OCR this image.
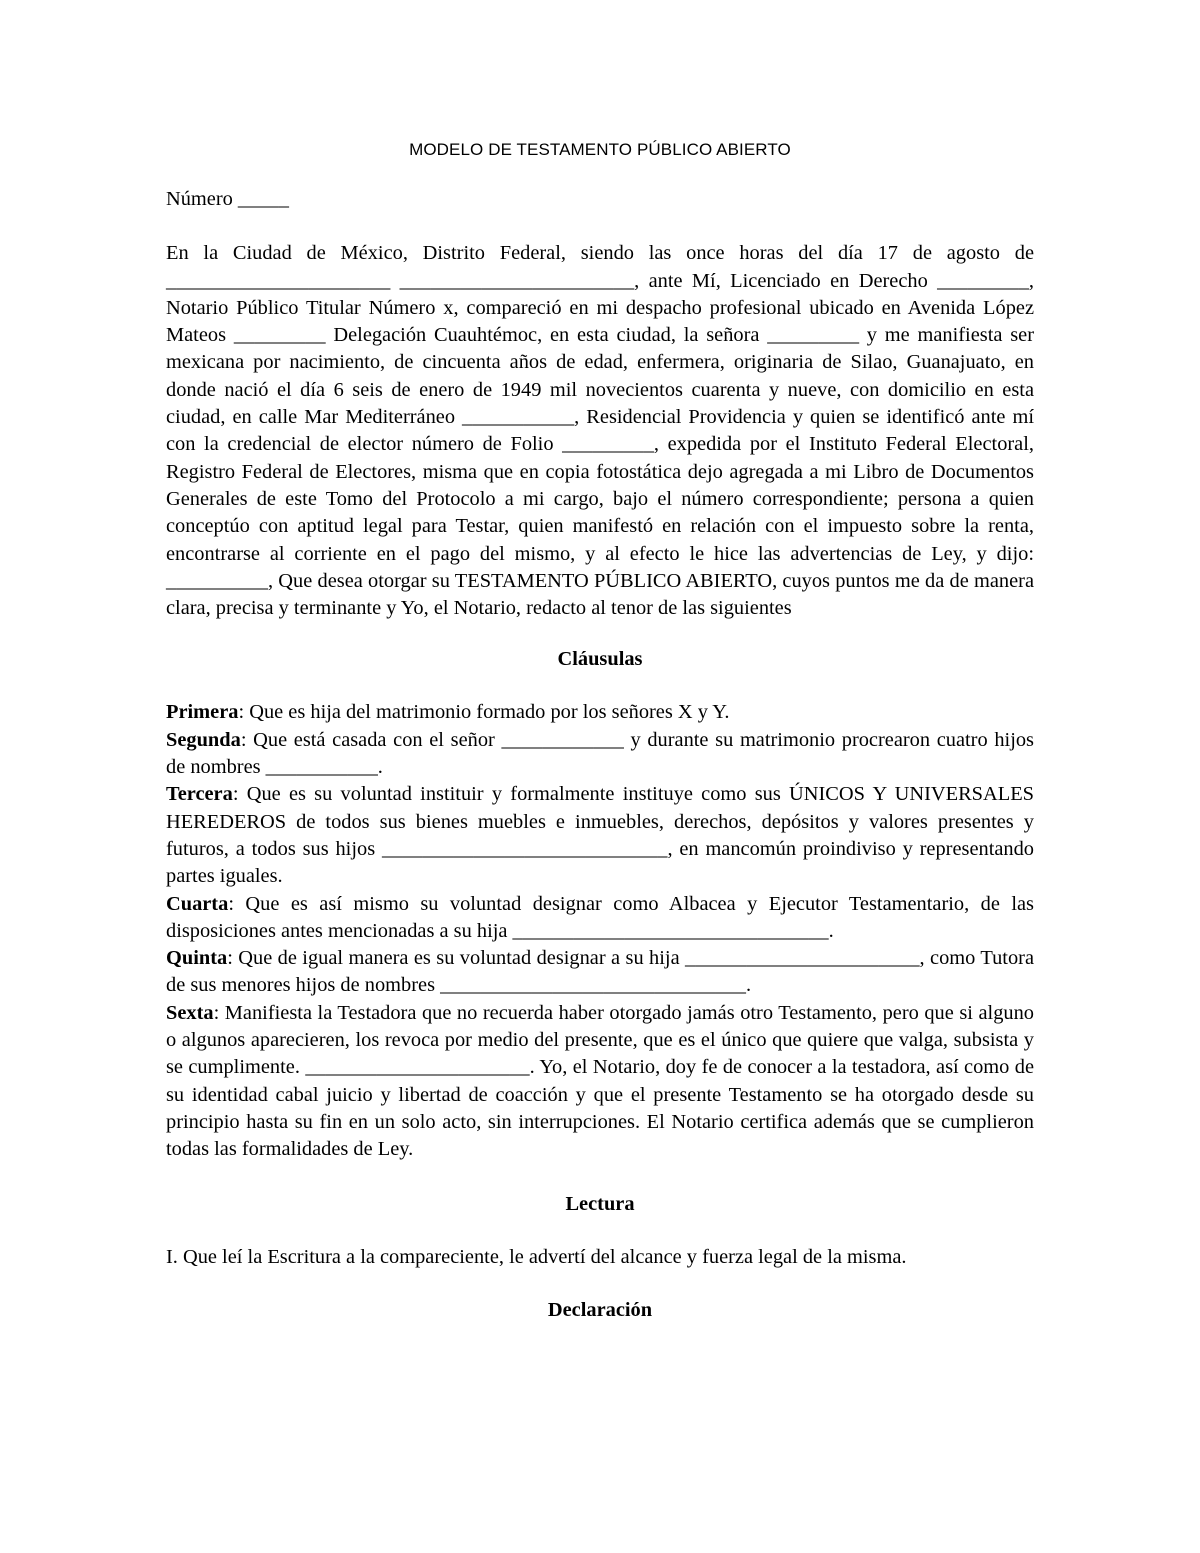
MODELO DE TESTAMENTO PÚBLICO ABIERTO

Número _____
En la Ciudad de México, Distrito Federal, siendo las once horas del día 17 de agosto de ______________________ _______________________, ante Mí, Licenciado en Derecho _________, Notario Público Titular Número x, compareció en mi despacho profesional ubicado en Avenida López Mateos _________ Delegación Cuauhtémoc, en esta ciudad, la señora _________ y me manifiesta ser mexicana por nacimiento, de cincuenta años de edad, enfermera, originaria de Silao, Guanajuato, en donde nació el día 6 seis de enero de 1949 mil novecientos cuarenta y nueve, con domicilio en esta ciudad, en calle Mar Mediterráneo ___________, Residencial Providencia y quien se identificó ante mí con la credencial de elector número de Folio _________, expedida por el Instituto Federal Electoral, Registro Federal de Electores, misma que en copia fotostática dejo agregada a mi Libro de Documentos Generales de este Tomo del Protocolo a mi cargo, bajo el número correspondiente; persona a quien conceptúo con aptitud legal para Testar, quien manifestó en relación con el impuesto sobre la renta, encontrarse al corriente en el pago del mismo, y al efecto le hice las advertencias de Ley, y dijo: __________, Que desea otorgar su TESTAMENTO PÚBLICO ABIERTO, cuyos puntos me da de manera clara, precisa y terminante y Yo, el Notario, redacto al tenor de las siguientes

Cláusulas

Primera: Que es hija del matrimonio formado por los señores X y Y.
Segunda: Que está casada con el señor ____________ y durante su matrimonio procrearon cuatro hijos de nombres ___________.
Tercera: Que es su voluntad instituir y formalmente instituye como sus ÚNICOS Y UNIVERSALES HEREDEROS de todos sus bienes muebles e inmuebles, derechos, depósitos y valores presentes y futuros, a todos sus hijos ____________________________, en mancomún proindiviso y representando partes iguales.
Cuarta: Que es así mismo su voluntad designar como Albacea y Ejecutor Testamentario, de las disposiciones antes mencionadas a su hija _______________________________.
Quinta: Que de igual manera es su voluntad designar a su hija _______________________, como Tutora de sus menores hijos de nombres ______________________________.
Sexta: Manifiesta la Testadora que no recuerda haber otorgado jamás otro Testamento, pero que si alguno o algunos aparecieren, los revoca por medio del presente, que es el único que quiere que valga, subsista y se cumplimente. ______________________. Yo, el Notario, doy fe de conocer a la testadora, así como de su identidad cabal juicio y libertad de coacción y que el presente Testamento se ha otorgado desde su principio hasta su fin en un solo acto, sin interrupciones. El Notario certifica además que se cumplieron todas las formalidades de Ley.

Lectura

I. Que leí la Escritura a la compareciente, le advertí del alcance y fuerza legal de la misma.

Declaración
